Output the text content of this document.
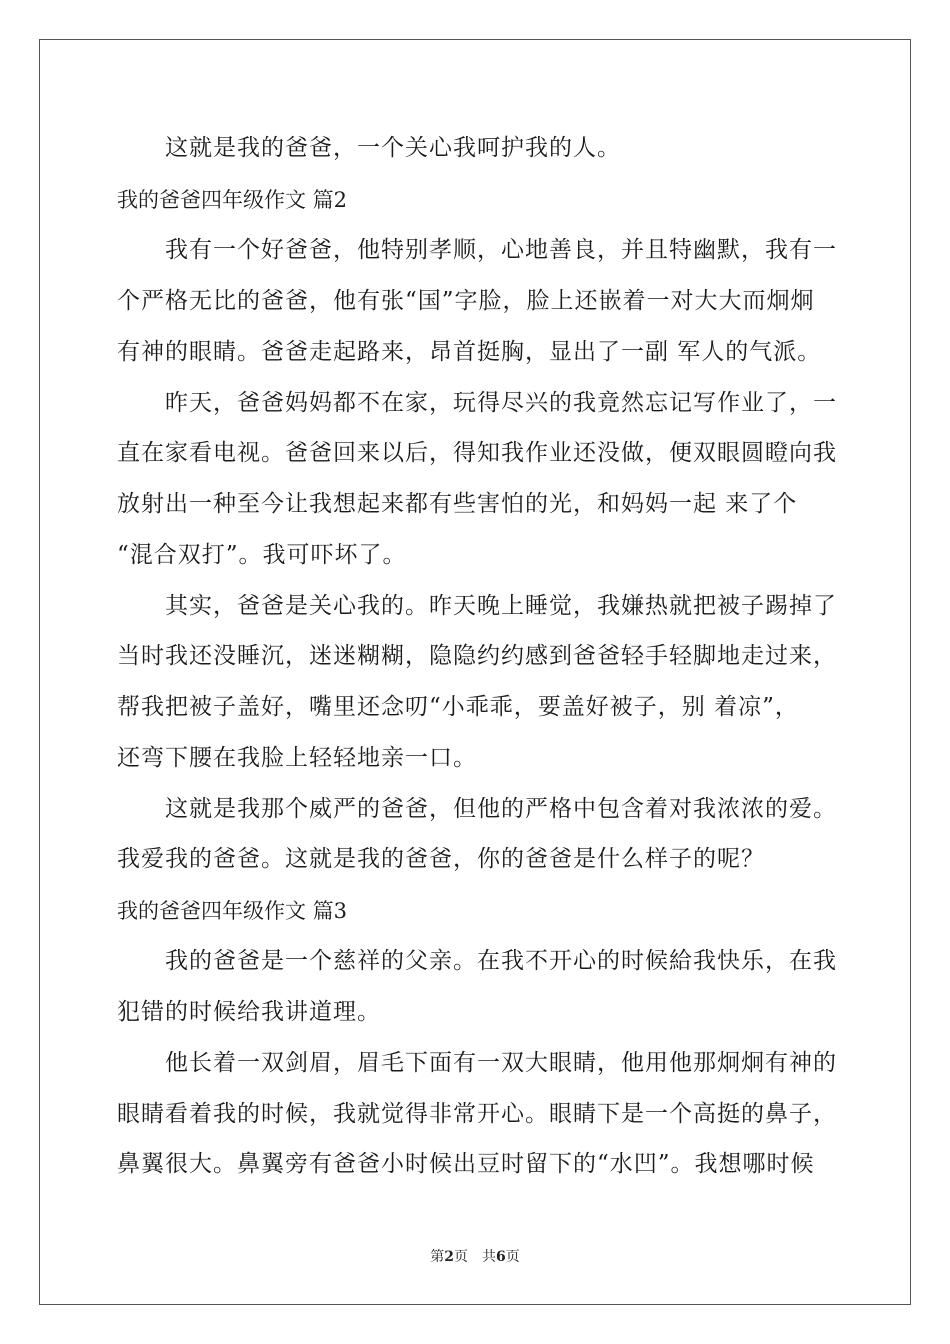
这就是我的爸爸，一个关心我呵护我的人。
我的爸爸四年级作文 篇2
我有一个好爸爸，他特别孝顺，心地善良，并且特幽默，我有一
个严格无比的爸爸，他有张“国”字脸，脸上还嵌着一对大大而炯炯
有神的眼睛。爸爸走起路来，昂首挺胸，显出了一副 军人的气派。
昨天，爸爸妈妈都不在家，玩得尽兴的我竟然忘记写作业了，一
直在家看电视。爸爸回来以后，得知我作业还没做，便双眼圆瞪向我
放射出一种至今让我想起来都有些害怕的光，和妈妈一起 来了个
“混合双打”。我可吓坏了。
其实，爸爸是关心我的。昨天晚上睡觉，我嫌热就把被子踢掉了
当时我还没睡沉，迷迷糊糊，隐隐约约感到爸爸轻手轻脚地走过来，
帮我把被子盖好，嘴里还念叨“小乖乖，要盖好被子，别 着凉”，
还弯下腰在我脸上轻轻地亲一口。
这就是我那个威严的爸爸，但他的严格中包含着对我浓浓的爱。
我爱我的爸爸。这就是我的爸爸，你的爸爸是什么样子的呢？
我的爸爸四年级作文 篇3
我的爸爸是一个慈祥的父亲。在我不开心的时候給我快乐，在我
犯错的时候给我讲道理。
他长着一双剑眉，眉毛下面有一双大眼睛，他用他那炯炯有神的
眼睛看着我的时候，我就觉得非常开心。眼睛下是一个高挺的鼻子，
鼻翼很大。鼻翼旁有爸爸小时候出豆时留下的“水凹”。我想哪时候
第2页　共6页
